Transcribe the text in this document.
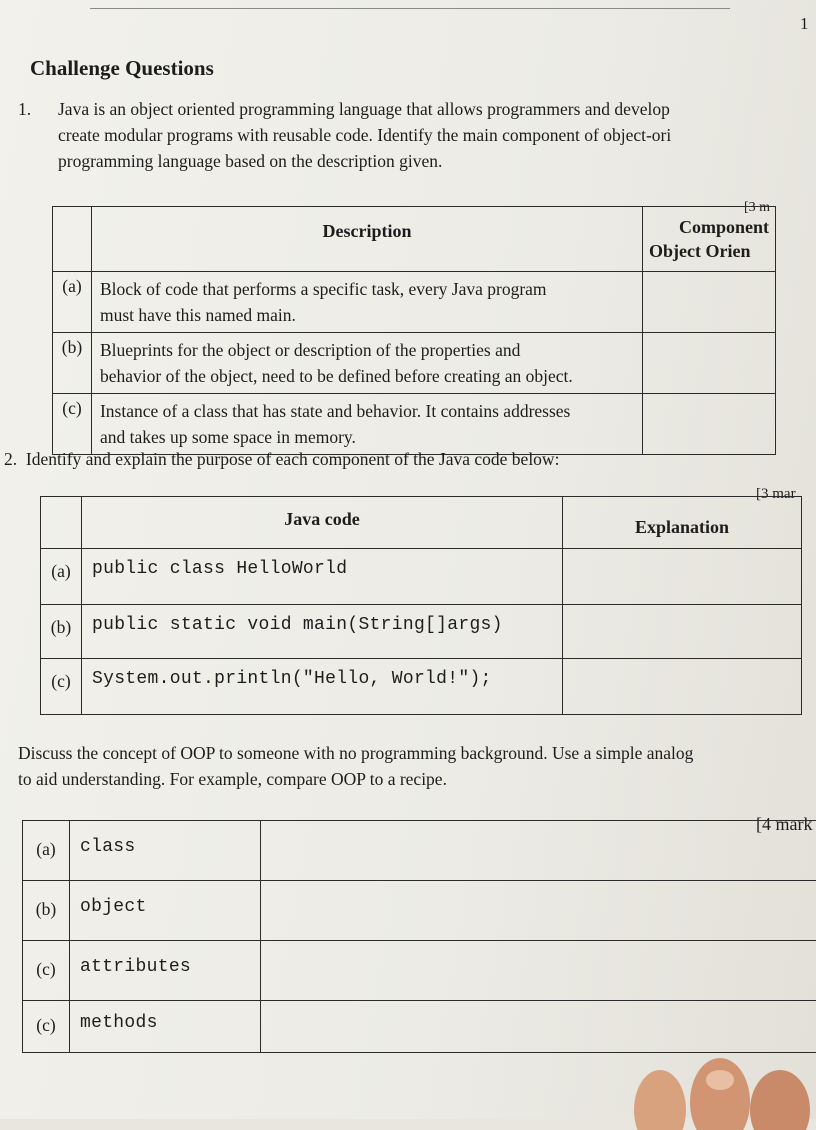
1
Challenge Questions
1.	Java is an object oriented programming language that allows programmers and develop
create modular programs with reusable code. Identify the main component of object-ori
programming language based on the description given.
[3 m
	Description	Component
Object Orien

(a)	Block of code that performs a specific task, every Java program
must have this named main.	

(b)	Blueprints for the object or description of the properties and
behavior of the object, need to be defined before creating an object.	

(c)	Instance of a class that has state and behavior. It contains addresses
and takes up some space in memory.	

2.  Identify and explain the purpose of each component of the Java code below:
[3 mar
	Java code	Explanation
(a)	public class HelloWorld	
(b)	public static void main(String[]args)	
(c)	System.out.println("Hello, World!");	
Discuss the concept of OOP to someone with no programming background. Use a simple analog
to aid understanding. For example, compare OOP to a recipe.
[4 mark
(a)	class	
(b)	object	
(c)	attributes	
(c)	methods	
